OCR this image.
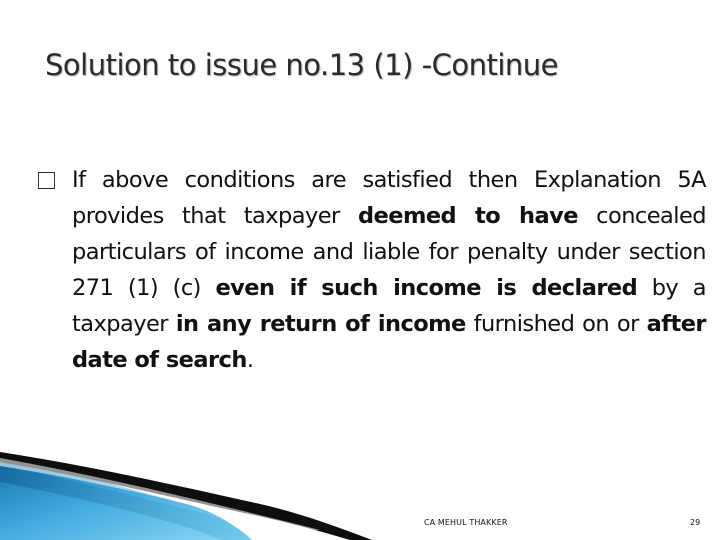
Solution to issue no.13 (1) -Continue
If above conditions are satisfied then Explanation 5A provides that taxpayer deemed to have concealed particulars of income and liable for penalty under section 271 (1) (c) even if such income is declared by a taxpayer in any return of income furnished on or after date of search.
CA MEHUL THAKKER	29
